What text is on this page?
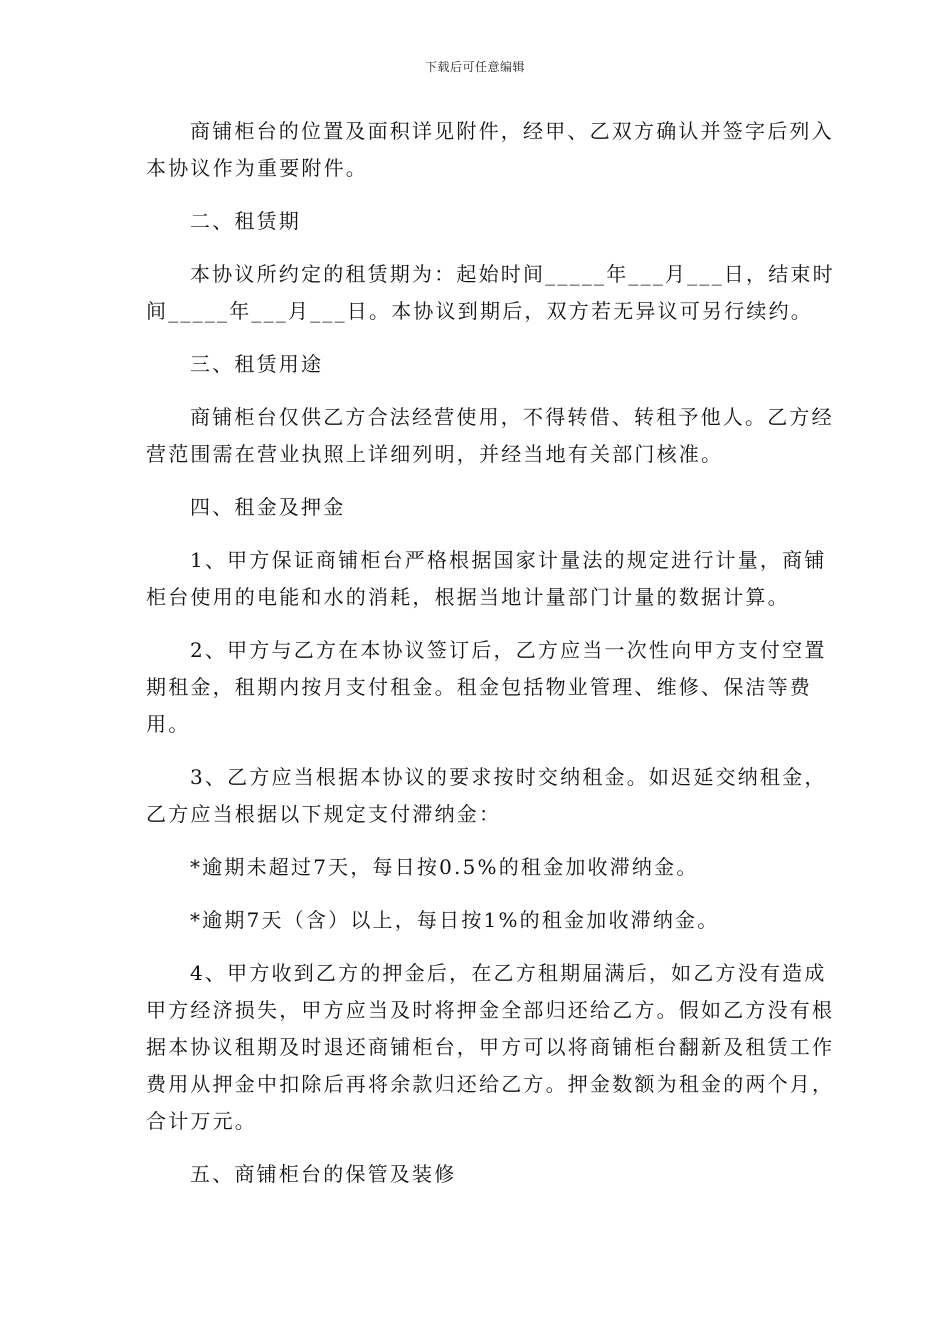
下载后可任意编辑

商铺柜台的位置及面积详见附件，经甲、乙双方确认并签字后列入本协议作为重要附件。

二、租赁期

本协议所约定的租赁期为：起始时间_____年___月___日，结束时间_____年___月___日。本协议到期后，双方若无异议可另行续约。

三、租赁用途

商铺柜台仅供乙方合法经营使用，不得转借、转租予他人。乙方经营范围需在营业执照上详细列明，并经当地有关部门核准。

四、租金及押金

1、甲方保证商铺柜台严格根据国家计量法的规定进行计量，商铺柜台使用的电能和水的消耗，根据当地计量部门计量的数据计算。

2、甲方与乙方在本协议签订后，乙方应当一次性向甲方支付空置期租金，租期内按月支付租金。租金包括物业管理、维修、保洁等费用。

3、乙方应当根据本协议的要求按时交纳租金。如迟延交纳租金，乙方应当根据以下规定支付滞纳金：

*逾期未超过7天，每日按0.5%的租金加收滞纳金。

*逾期7天（含）以上，每日按1%的租金加收滞纳金。

4、甲方收到乙方的押金后，在乙方租期届满后，如乙方没有造成甲方经济损失，甲方应当及时将押金全部归还给乙方。假如乙方没有根据本协议租期及时退还商铺柜台，甲方可以将商铺柜台翻新及租赁工作费用从押金中扣除后再将余款归还给乙方。押金数额为租金的两个月，合计万元。

五、商铺柜台的保管及装修
